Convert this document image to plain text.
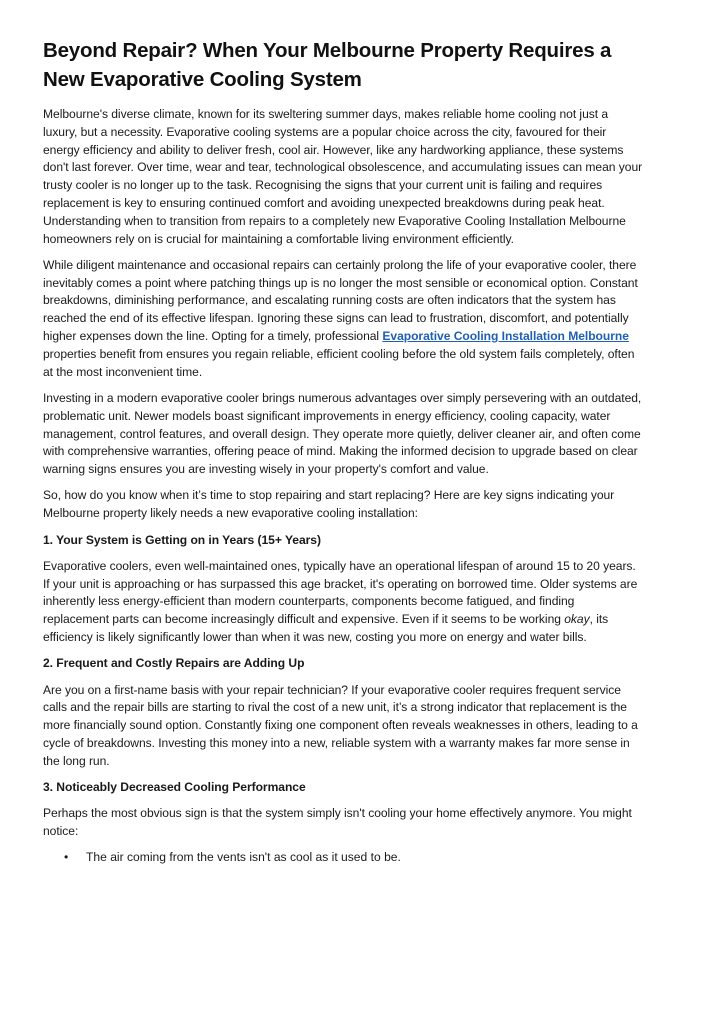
Beyond Repair? When Your Melbourne Property Requires a New Evaporative Cooling System

Melbourne's diverse climate, known for its sweltering summer days, makes reliable home cooling not just a luxury, but a necessity. Evaporative cooling systems are a popular choice across the city, favoured for their energy efficiency and ability to deliver fresh, cool air. However, like any hardworking appliance, these systems don't last forever. Over time, wear and tear, technological obsolescence, and accumulating issues can mean your trusty cooler is no longer up to the task. Recognising the signs that your current unit is failing and requires replacement is key to ensuring continued comfort and avoiding unexpected breakdowns during peak heat. Understanding when to transition from repairs to a completely new Evaporative Cooling Installation Melbourne homeowners rely on is crucial for maintaining a comfortable living environment efficiently.

While diligent maintenance and occasional repairs can certainly prolong the life of your evaporative cooler, there inevitably comes a point where patching things up is no longer the most sensible or economical option. Constant breakdowns, diminishing performance, and escalating running costs are often indicators that the system has reached the end of its effective lifespan. Ignoring these signs can lead to frustration, discomfort, and potentially higher expenses down the line. Opting for a timely, professional Evaporative Cooling Installation Melbourne properties benefit from ensures you regain reliable, efficient cooling before the old system fails completely, often at the most inconvenient time.

Investing in a modern evaporative cooler brings numerous advantages over simply persevering with an outdated, problematic unit. Newer models boast significant improvements in energy efficiency, cooling capacity, water management, control features, and overall design. They operate more quietly, deliver cleaner air, and often come with comprehensive warranties, offering peace of mind. Making the informed decision to upgrade based on clear warning signs ensures you are investing wisely in your property's comfort and value.

So, how do you know when it’s time to stop repairing and start replacing? Here are key signs indicating your Melbourne property likely needs a new evaporative cooling installation:

1. Your System is Getting on in Years (15+ Years)

Evaporative coolers, even well-maintained ones, typically have an operational lifespan of around 15 to 20 years. If your unit is approaching or has surpassed this age bracket, it's operating on borrowed time. Older systems are inherently less energy-efficient than modern counterparts, components become fatigued, and finding replacement parts can become increasingly difficult and expensive. Even if it seems to be working okay, its efficiency is likely significantly lower than when it was new, costing you more on energy and water bills.

2. Frequent and Costly Repairs are Adding Up

Are you on a first-name basis with your repair technician? If your evaporative cooler requires frequent service calls and the repair bills are starting to rival the cost of a new unit, it’s a strong indicator that replacement is the more financially sound option. Constantly fixing one component often reveals weaknesses in others, leading to a cycle of breakdowns. Investing this money into a new, reliable system with a warranty makes far more sense in the long run.

3. Noticeably Decreased Cooling Performance

Perhaps the most obvious sign is that the system simply isn't cooling your home effectively anymore. You might notice:

• The air coming from the vents isn't as cool as it used to be.
